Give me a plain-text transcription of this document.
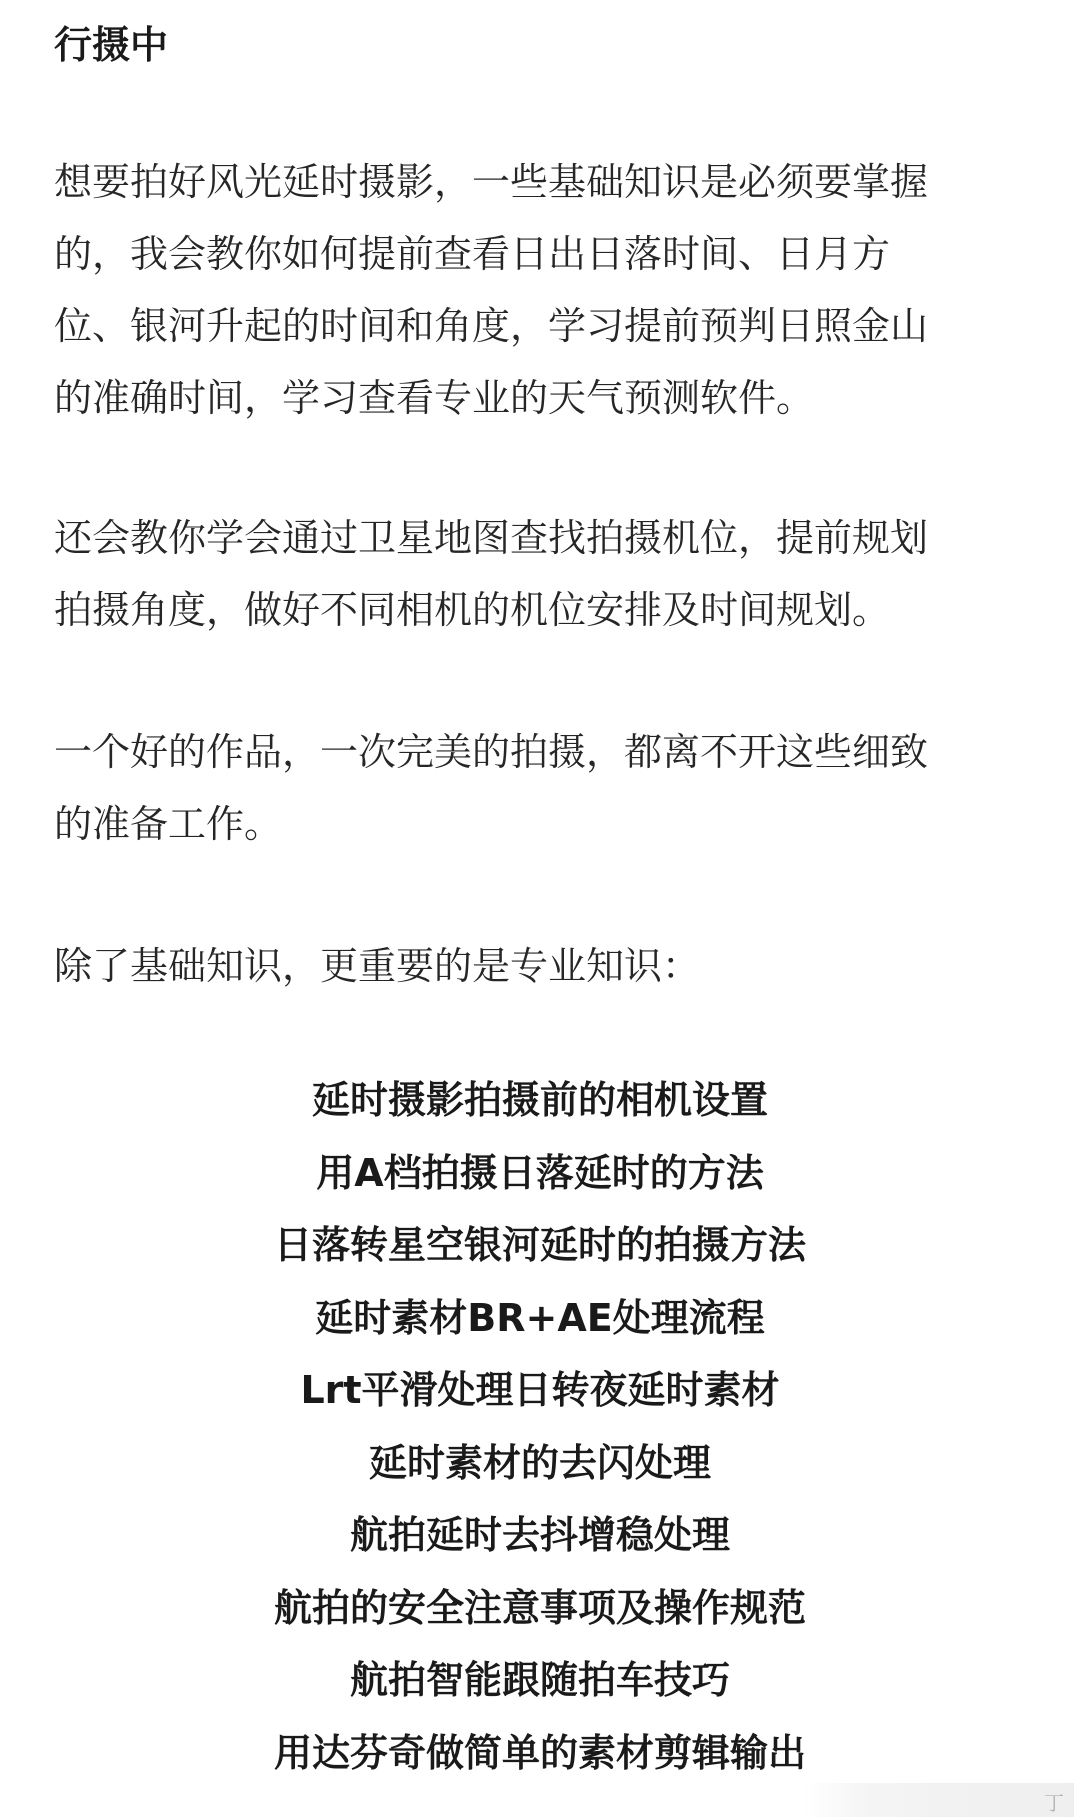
行摄中
想要拍好风光延时摄影，一些基础知识是必须要掌握
的，我会教你如何提前查看日出日落时间、日月方
位、银河升起的时间和角度，学习提前预判日照金山
的准确时间，学习查看专业的天气预测软件。
还会教你学会通过卫星地图查找拍摄机位，提前规划
拍摄角度，做好不同相机的机位安排及时间规划。
一个好的作品，一次完美的拍摄，都离不开这些细致
的准备工作。
除了基础知识，更重要的是专业知识：
延时摄影拍摄前的相机设置
用A档拍摄日落延时的方法
日落转星空银河延时的拍摄方法
延时素材BR+AE处理流程
Lrt平滑处理日转夜延时素材
延时素材的去闪处理
航拍延时去抖增稳处理
航拍的安全注意事项及操作规范
航拍智能跟随拍车技巧
用达芬奇做简单的素材剪辑输出
丁
